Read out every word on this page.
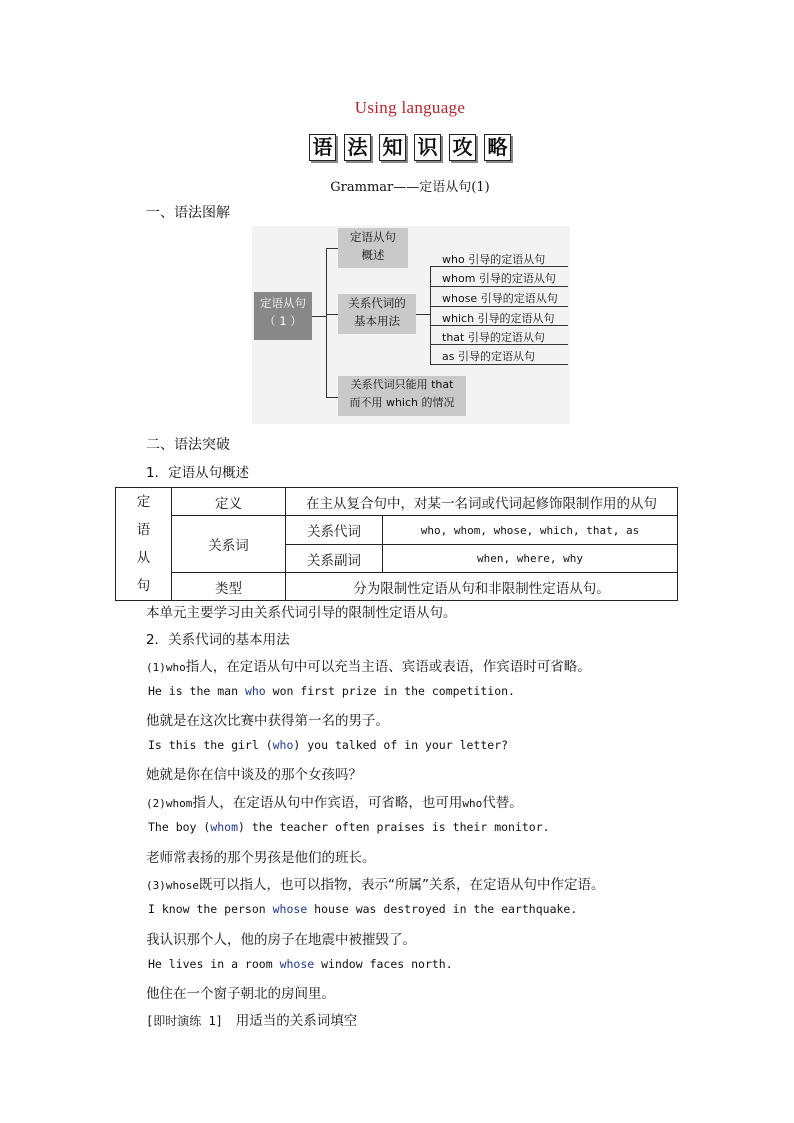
Using language
语 法 知 识 攻 略
Grammar——定语从句(1)
一、语法图解
定语从句
（ 1 ）
定语从句
概述
关系代词的
基本用法
关系代词只能用 that
而不用 which 的情况
who 引导的定语从句
whom 引导的定语从句
whose 引导的定语从句
which 引导的定语从句
that 引导的定语从句
as 引导的定语从句
二、语法突破
1．定语从句概述
定
语
从
句	定义	在主从复合句中，对某一名词或代词起修饰限制作用的从句	
	关系词	关系代词	who, whom, whose, which, that, as
		关系副词	when, where, why
	类型	分为限制性定语从句和非限制性定语从句。	
本单元主要学习由关系代词引导的限制性定语从句。
2．关系代词的基本用法
(1)who指人，在定语从句中可以充当主语、宾语或表语，作宾语时可省略。
He is the man who won first prize in the competition.
他就是在这次比赛中获得第一名的男子。
Is this the girl (who) you talked of in your letter?
她就是你在信中谈及的那个女孩吗？
(2)whom指人，在定语从句中作宾语，可省略，也可用who代替。
The boy (whom) the teacher often praises is their monitor.
老师常表扬的那个男孩是他们的班长。
(3)whose既可以指人，也可以指物，表示“所属”关系，在定语从句中作定语。
I know the person whose house was destroyed in the earthquake.
我认识那个人，他的房子在地震中被摧毁了。
He lives in a room whose window faces north.
他住在一个窗子朝北的房间里。
[即时演练 1] 用适当的关系词填空
